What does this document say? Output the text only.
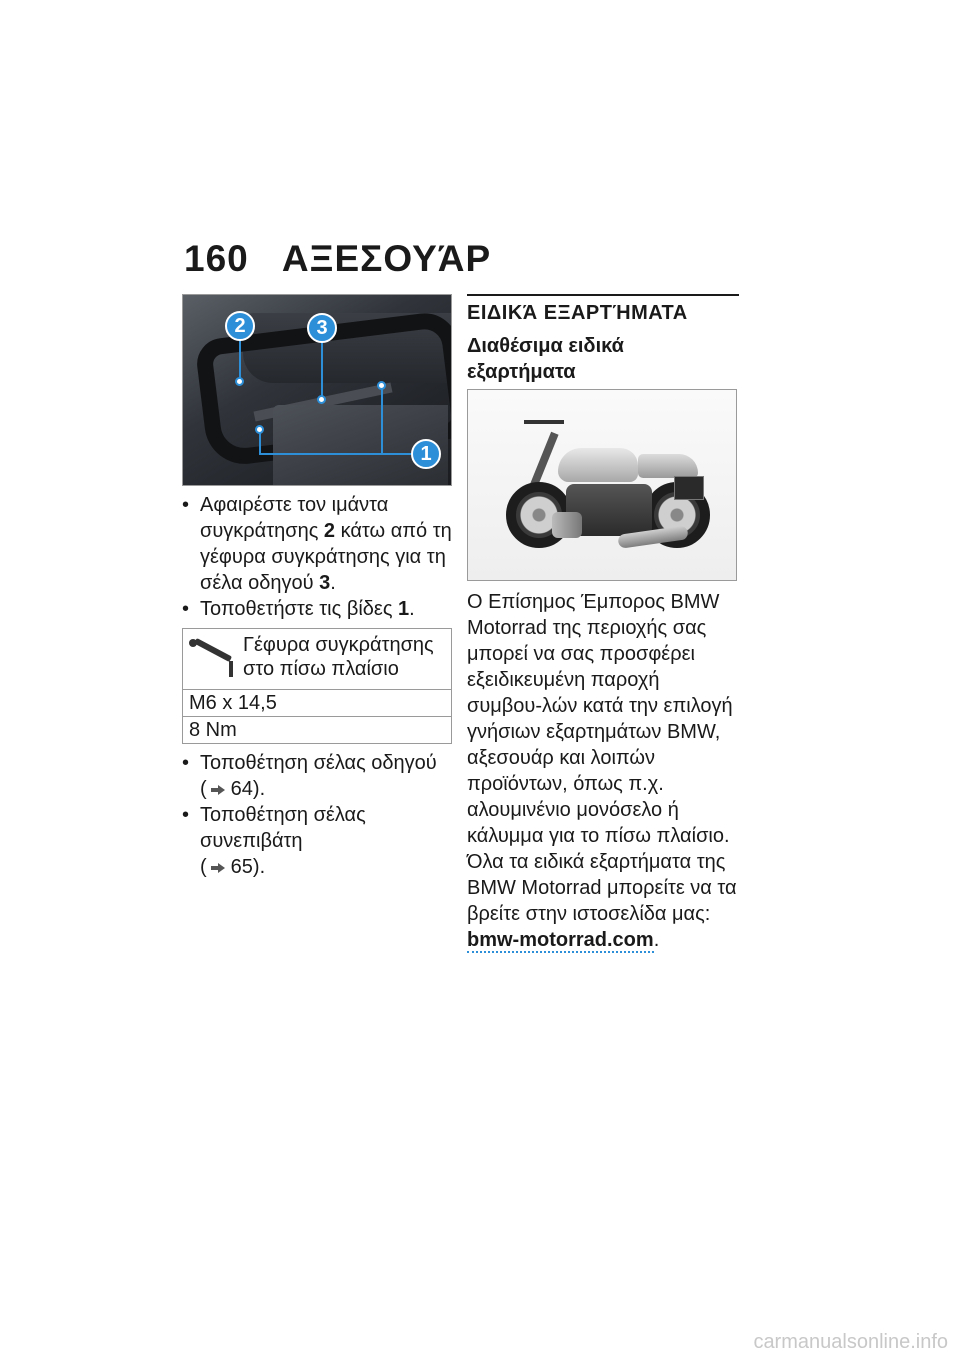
160 ΑΞΕΣΟΥΆΡ
2	3
1
• Αφαιρέστε τον ιμάντα συγκράτησης 2 κάτω από τη γέφυρα συγκράτησης για τη σέλα οδηγού 3.
• Τοποθετήστε τις βίδες 1.
Γέφυρα συγκράτησης στο πίσω πλαίσιο
M6 x 14,5
8 Nm
• Τοποθέτηση σέλας οδηγού
( 64).
• Τοποθέτηση σέλας συνεπιβάτη
( 65).
ΕΙΔΙΚΆ ΕΞΑΡΤΉΜΑΤΑ
Διαθέσιμα ειδικά
εξαρτήματα
Ο Επίσημος Έμπορος BMW Motorrad της περιοχής σας μπορεί να σας προσφέρει εξειδικευμένη παροχή συμβου-λών κατά την επιλογή γνήσιων εξαρτημάτων BMW, αξεσουάρ και λοιπών προϊόντων, όπως π.χ. αλουμινένιο μονόσελο ή κάλυμμα για το πίσω πλαίσιο.
Όλα τα ειδικά εξαρτήματα της BMW Motorrad μπορείτε να τα βρείτε στην ιστοσελίδα μας:
bmw-motorrad.com.
carmanualsonline.info
